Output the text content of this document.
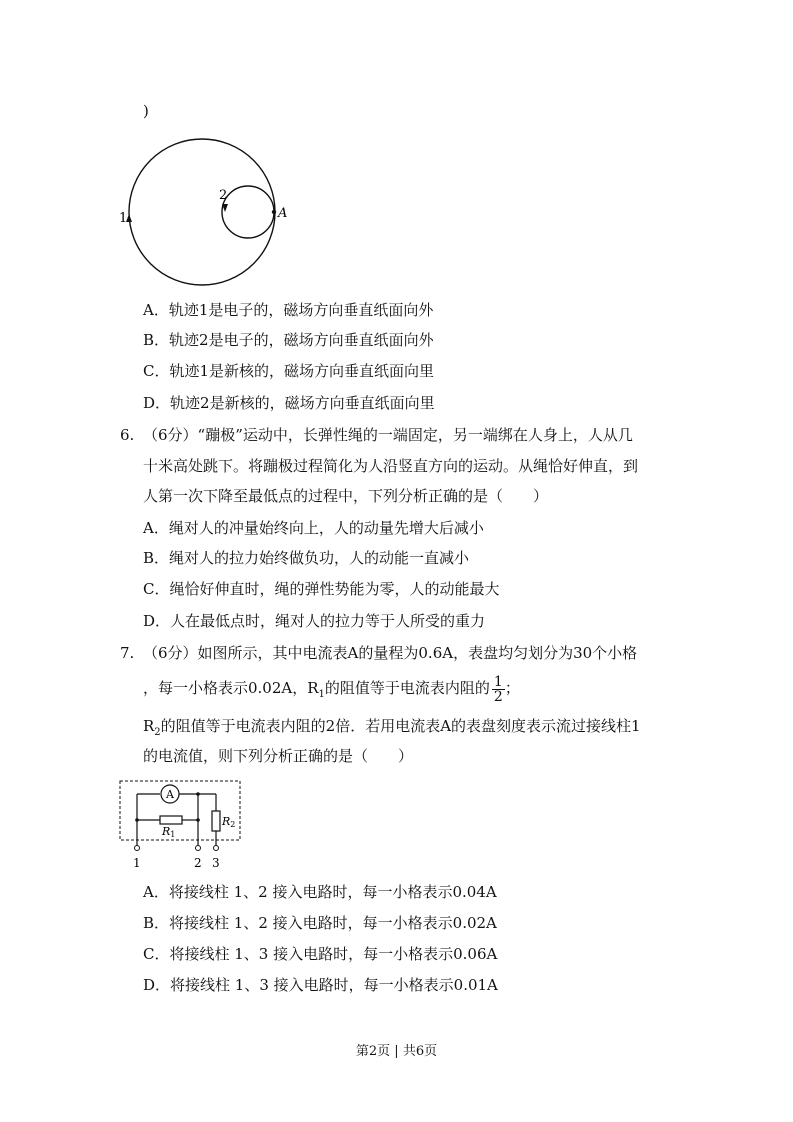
)
1
2
A
A．轨迹1是电子的，磁场方向垂直纸面向外
B．轨迹2是电子的，磁场方向垂直纸面向外
C．轨迹1是新核的，磁场方向垂直纸面向里
D．轨迹2是新核的，磁场方向垂直纸面向里
6. （6分）“蹦极”运动中，长弹性绳的一端固定，另一端绑在人身上，人从几
十米高处跳下。将蹦极过程简化为人沿竖直方向的运动。从绳恰好伸直，到
人第一次下降至最低点的过程中，下列分析正确的是（　　）
A．绳对人的冲量始终向上，人的动量先增大后减小
B．绳对人的拉力始终做负功，人的动能一直减小
C．绳恰好伸直时，绳的弹性势能为零，人的动能最大
D．人在最低点时，绳对人的拉力等于人所受的重力
7. （6分）如图所示，其中电流表A的量程为0.6A，表盘均匀划分为30个小格
，每一小格表示0.02A，$R_1$的阻值等于电流表内阻的 $\frac{1}{2}$ ；
$R_2$的阻值等于电流表内阻的2倍．若用电流表A的表盘刻度表示流过接线柱1
的电流值，则下列分析正确的是（　　）
A
R1
R2
1	2 3
A．将接线柱 1、2 接入电路时，每一小格表示0.04A
B．将接线柱 1、2 接入电路时，每一小格表示0.02A
C．将接线柱 1、3 接入电路时，每一小格表示0.06A
D．将接线柱 1、3 接入电路时，每一小格表示0.01A
第2页 | 共6页
